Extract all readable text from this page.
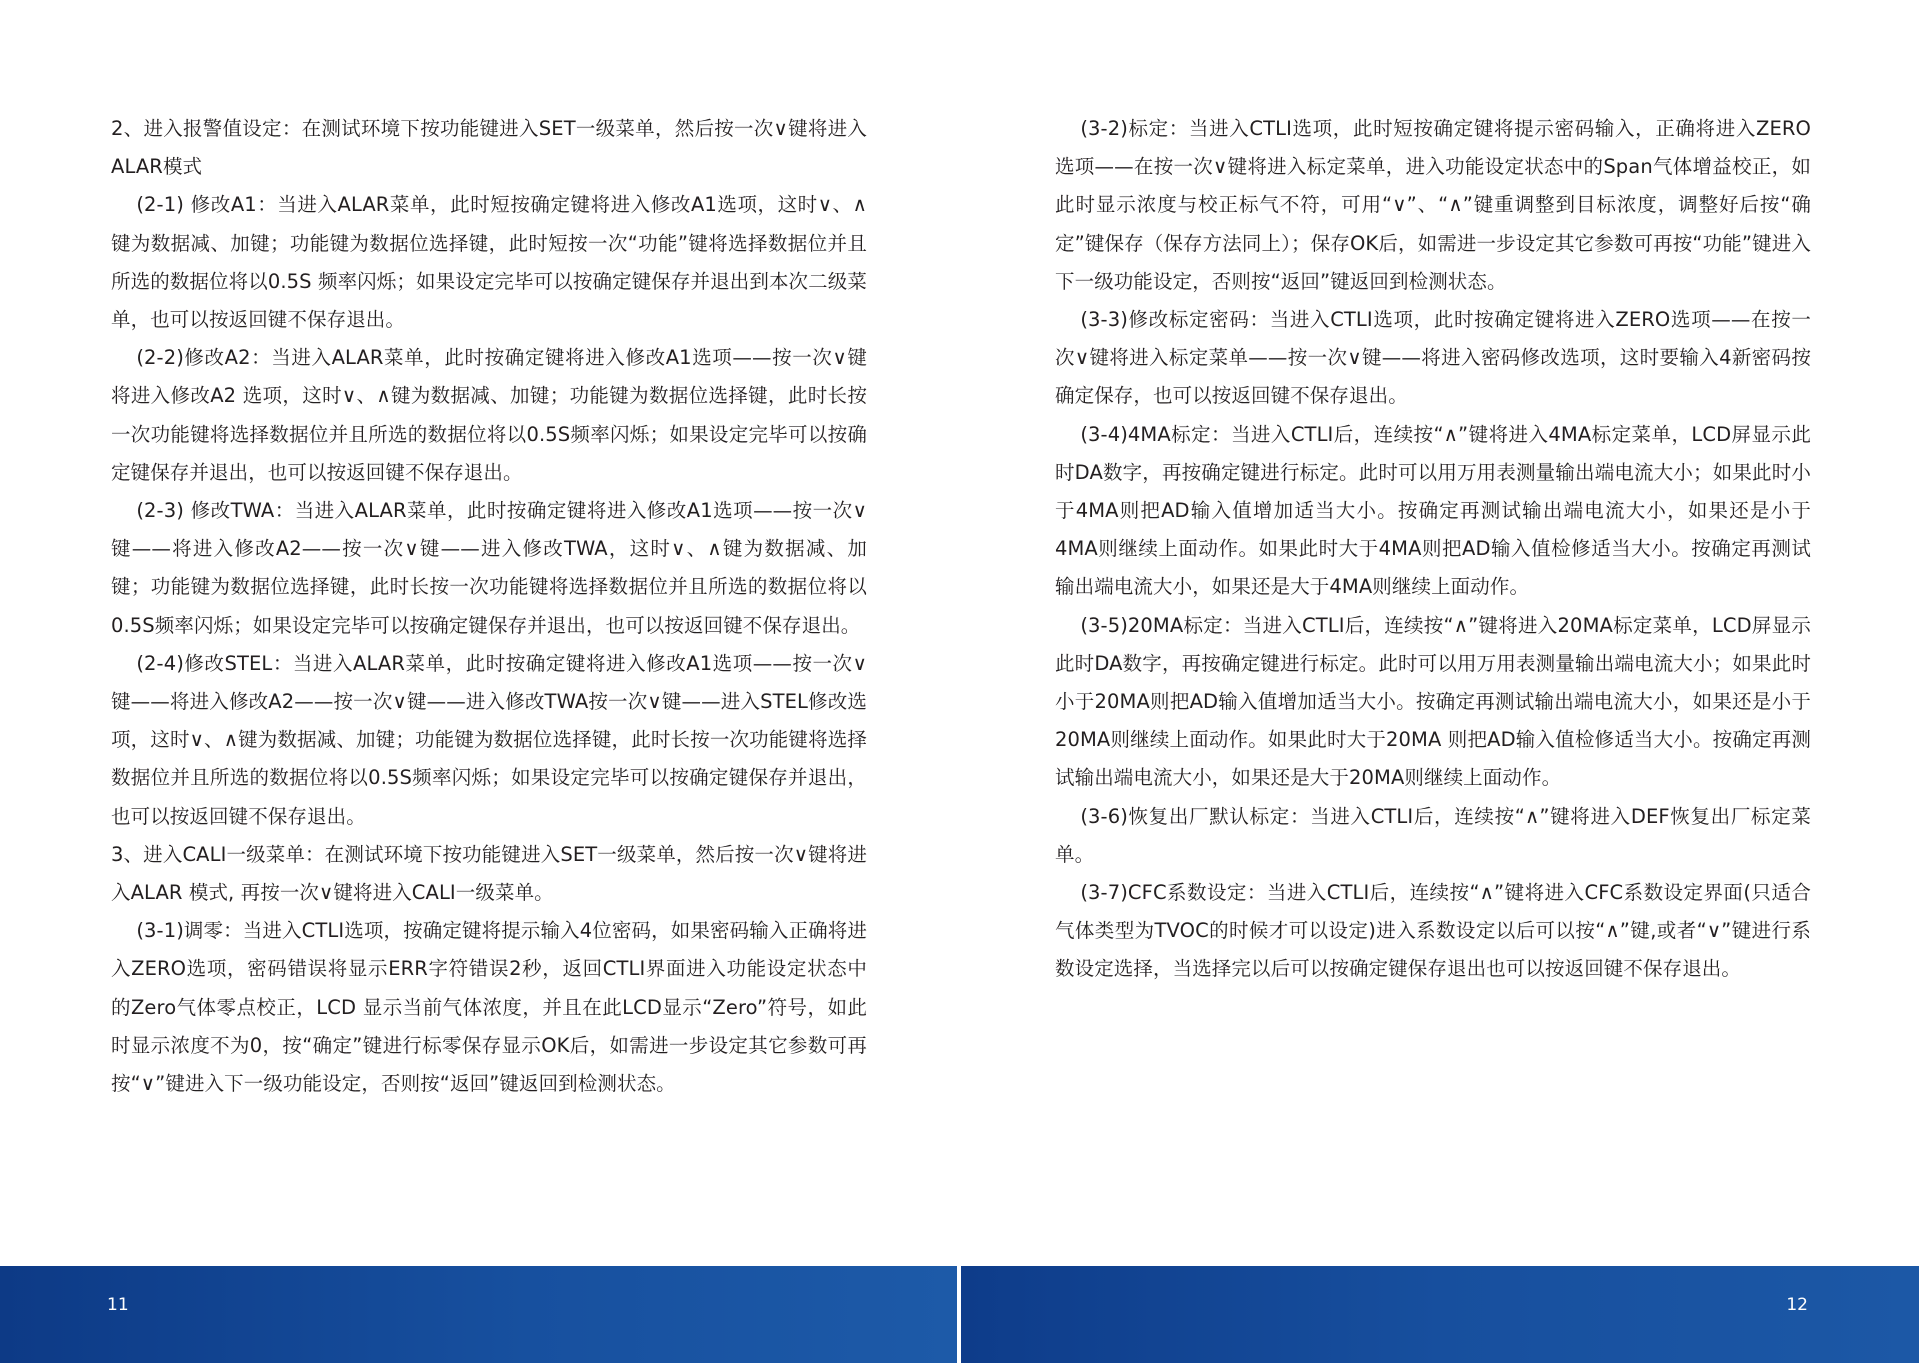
2、进入报警值设定：在测试环境下按功能键进入SET一级菜单，然后按一次∨键将进入ALAR模式

(2-1) 修改A1：当进入ALAR菜单，此时短按确定键将进入修改A1选项，这时∨、∧键为数据减、加键；功能键为数据位选择键，此时短按一次“功能”键将选择数据位并且所选的数据位将以0.5S 频率闪烁；如果设定完毕可以按确定键保存并退出到本次二级菜单，也可以按返回键不保存退出。

(2-2)修改A2：当进入ALAR菜单，此时按确定键将进入修改A1选项——按一次∨键将进入修改A2 选项，这时∨、∧键为数据减、加键；功能键为数据位选择键，此时长按一次功能键将选择数据位并且所选的数据位将以0.5S频率闪烁；如果设定完毕可以按确定键保存并退出，也可以按返回键不保存退出。

(2-3) 修改TWA：当进入ALAR菜单，此时按确定键将进入修改A1选项——按一次∨键——将进入修改A2——按一次∨键——进入修改TWA，这时∨、∧键为数据减、加键；功能键为数据位选择键，此时长按一次功能键将选择数据位并且所选的数据位将以0.5S频率闪烁；如果设定完毕可以按确定键保存并退出，也可以按返回键不保存退出。

(2-4)修改STEL：当进入ALAR菜单，此时按确定键将进入修改A1选项——按一次∨键——将进入修改A2——按一次∨键——进入修改TWA按一次∨键——进入STEL修改选项，这时∨、∧键为数据减、加键；功能键为数据位选择键，此时长按一次功能键将选择数据位并且所选的数据位将以0.5S频率闪烁；如果设定完毕可以按确定键保存并退出，也可以按返回键不保存退出。

3、进入CALI一级菜单：在测试环境下按功能键进入SET一级菜单，然后按一次∨键将进入ALAR 模式, 再按一次∨键将进入CALI一级菜单。

(3-1)调零：当进入CTLI选项，按确定键将提示输入4位密码，如果密码输入正确将进入ZERO选项，密码错误将显示ERR字符错误2秒，返回CTLI界面进入功能设定状态中的Zero气体零点校正，LCD 显示当前气体浓度，并且在此LCD显示“Zero”符号，如此时显示浓度不为0，按“确定”键进行标零保存显示OK后，如需进一步设定其它参数可再按“∨”键进入下一级功能设定，否则按“返回”键返回到检测状态。

(3-2)标定：当进入CTLI选项，此时短按确定键将提示密码输入，正确将进入ZERO选项——在按一次∨键将进入标定菜单，进入功能设定状态中的Span气体增益校正，如此时显示浓度与校正标气不符，可用“∨”、“∧”键重调整到目标浓度，调整好后按“确定”键保存（保存方法同上）；保存OK后，如需进一步设定其它参数可再按“功能”键进入下一级功能设定，否则按“返回”键返回到检测状态。

(3-3)修改标定密码：当进入CTLI选项，此时按确定键将进入ZERO选项——在按一次∨键将进入标定菜单——按一次∨键——将进入密码修改选项，这时要输入4新密码按确定保存，也可以按返回键不保存退出。

(3-4)4MA标定：当进入CTLI后，连续按“∧”键将进入4MA标定菜单，LCD屏显示此时DA数字，再按确定键进行标定。此时可以用万用表测量输出端电流大小；如果此时小于4MA则把AD输入值增加适当大小。按确定再测试输出端电流大小，如果还是小于4MA则继续上面动作。如果此时大于4MA则把AD输入值检修适当大小。按确定再测试输出端电流大小，如果还是大于4MA则继续上面动作。

(3-5)20MA标定：当进入CTLI后，连续按“∧”键将进入20MA标定菜单，LCD屏显示此时DA数字，再按确定键进行标定。此时可以用万用表测量输出端电流大小；如果此时小于20MA则把AD输入值增加适当大小。按确定再测试输出端电流大小，如果还是小于20MA则继续上面动作。如果此时大于20MA 则把AD输入值检修适当大小。按确定再测试输出端电流大小，如果还是大于20MA则继续上面动作。

(3-6)恢复出厂默认标定：当进入CTLI后，连续按“∧”键将进入DEF恢复出厂标定菜单。

(3-7)CFC系数设定：当进入CTLI后，连续按“∧”键将进入CFC系数设定界面(只适合气体类型为TVOC的时候才可以设定)进入系数设定以后可以按“∧”键,或者“∨”键进行系数设定选择，当选择完以后可以按确定键保存退出也可以按返回键不保存退出。

11	12
